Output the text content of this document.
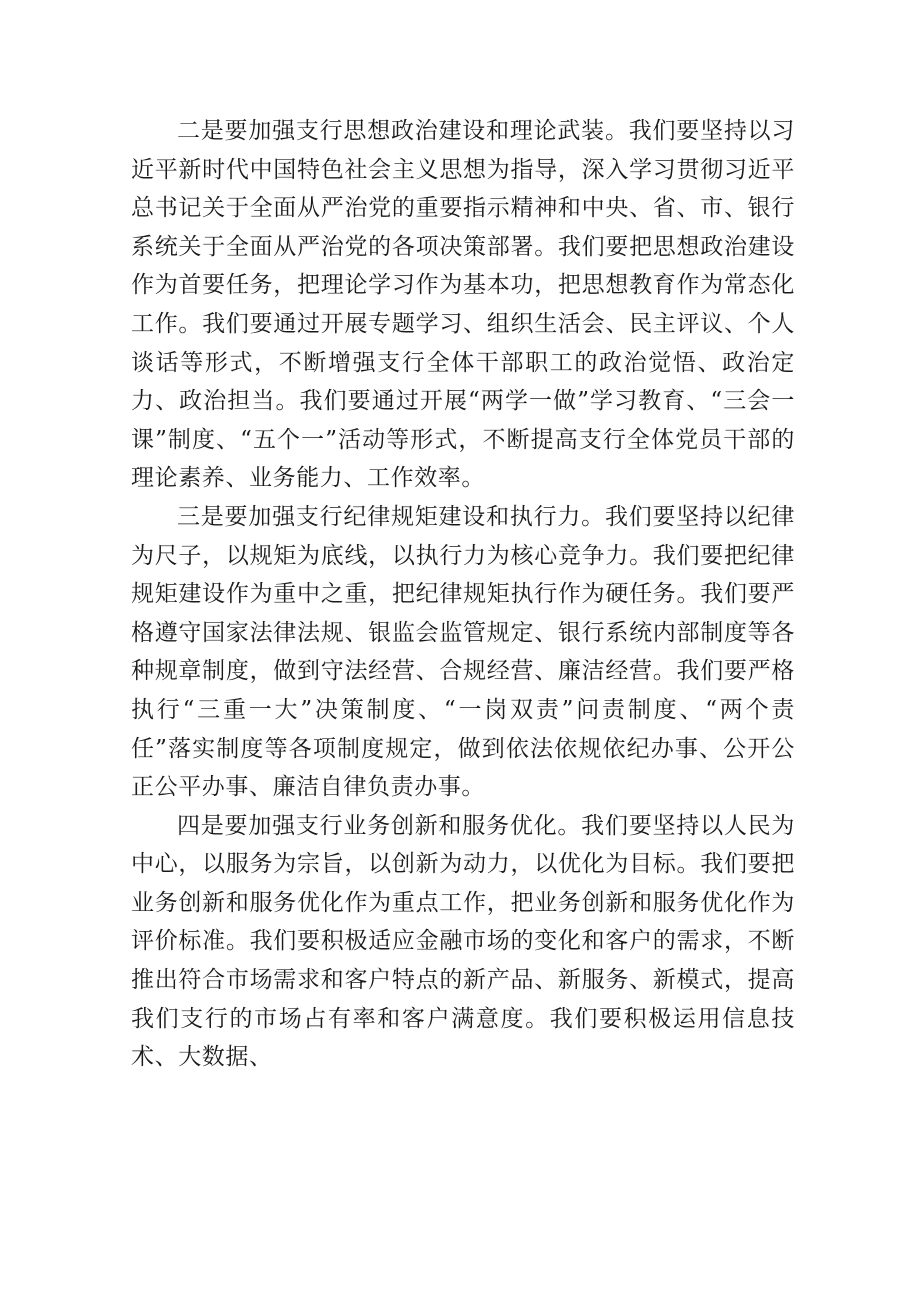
二是要加强支行思想政治建设和理论武装。我们要坚持以习近平新时代中国特色社会主义思想为指导，深入学习贯彻习近平总书记关于全面从严治党的重要指示精神和中央、省、市、银行系统关于全面从严治党的各项决策部署。我们要把思想政治建设作为首要任务，把理论学习作为基本功，把思想教育作为常态化工作。我们要通过开展专题学习、组织生活会、民主评议、个人谈话等形式，不断增强支行全体干部职工的政治觉悟、政治定力、政治担当。我们要通过开展“两学一做”学习教育、“三会一课”制度、“五个一”活动等形式，不断提高支行全体党员干部的理论素养、业务能力、工作效率。

三是要加强支行纪律规矩建设和执行力。我们要坚持以纪律为尺子，以规矩为底线，以执行力为核心竞争力。我们要把纪律规矩建设作为重中之重，把纪律规矩执行作为硬任务。我们要严格遵守国家法律法规、银监会监管规定、银行系统内部制度等各种规章制度，做到守法经营、合规经营、廉洁经营。我们要严格执行“三重一大”决策制度、“一岗双责”问责制度、“两个责任”落实制度等各项制度规定，做到依法依规依纪办事、公开公正公平办事、廉洁自律负责办事。

四是要加强支行业务创新和服务优化。我们要坚持以人民为中心，以服务为宗旨，以创新为动力，以优化为目标。我们要把业务创新和服务优化作为重点工作，把业务创新和服务优化作为评价标准。我们要积极适应金融市场的变化和客户的需求，不断推出符合市场需求和客户特点的新产品、新服务、新模式，提高我们支行的市场占有率和客户满意度。我们要积极运用信息技术、大数据、
